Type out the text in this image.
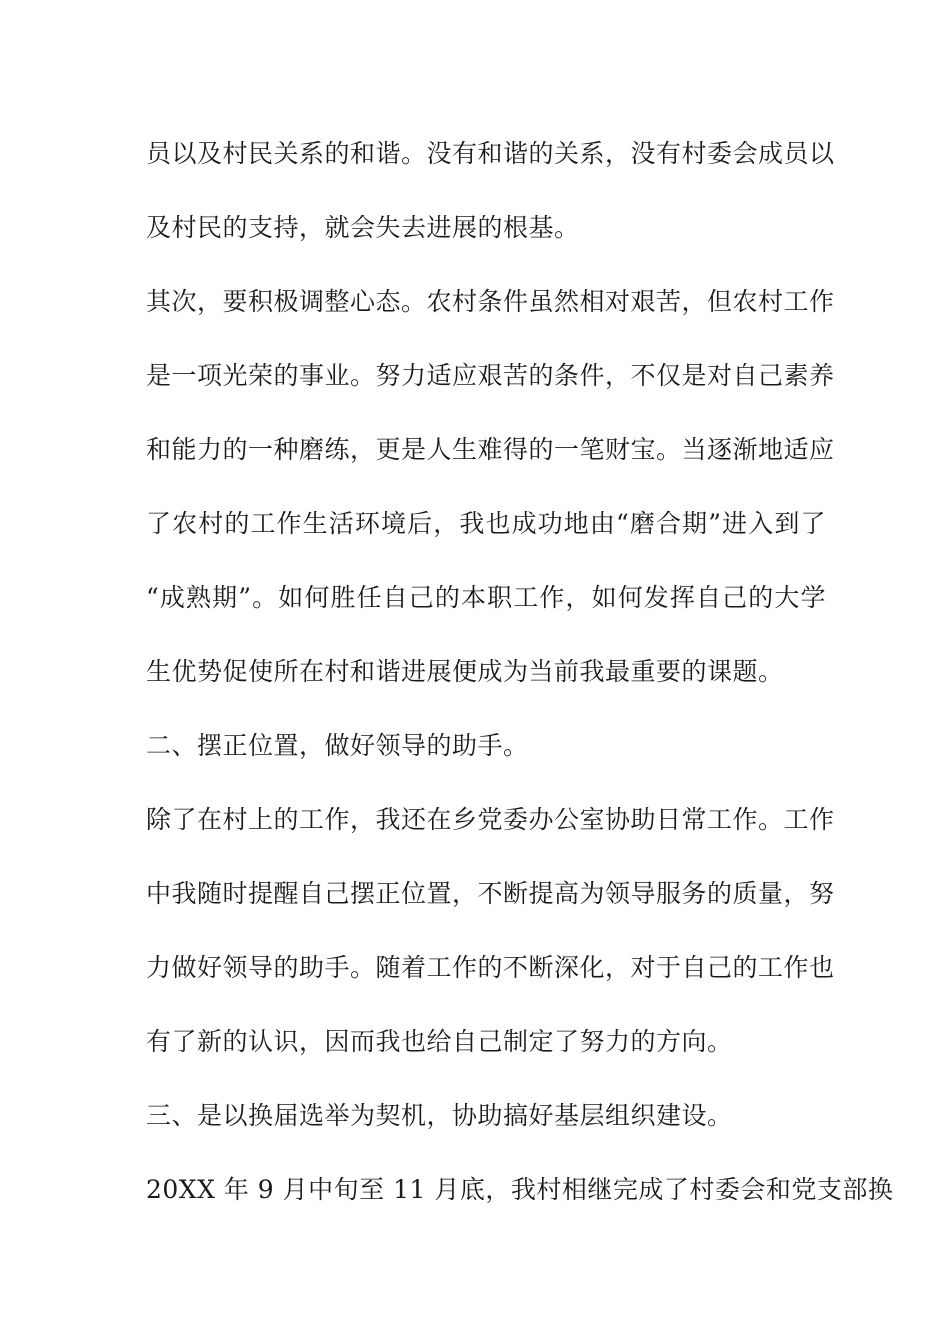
员以及村民关系的和谐。没有和谐的关系，没有村委会成员以
及村民的支持，就会失去进展的根基。
其次，要积极调整心态。农村条件虽然相对艰苦，但农村工作
是一项光荣的事业。努力适应艰苦的条件，不仅是对自己素养
和能力的一种磨练，更是人生难得的一笔财宝。当逐渐地适应
了农村的工作生活环境后，我也成功地由“磨合期”进入到了
“成熟期”。如何胜任自己的本职工作，如何发挥自己的大学
生优势促使所在村和谐进展便成为当前我最重要的课题。
二、摆正位置，做好领导的助手。
除了在村上的工作，我还在乡党委办公室协助日常工作。工作
中我随时提醒自己摆正位置，不断提高为领导服务的质量，努
力做好领导的助手。随着工作的不断深化，对于自己的工作也
有了新的认识，因而我也给自己制定了努力的方向。
三、是以换届选举为契机，协助搞好基层组织建设。
20XX 年 9 月中旬至 11 月底，我村相继完成了村委会和党支部换
